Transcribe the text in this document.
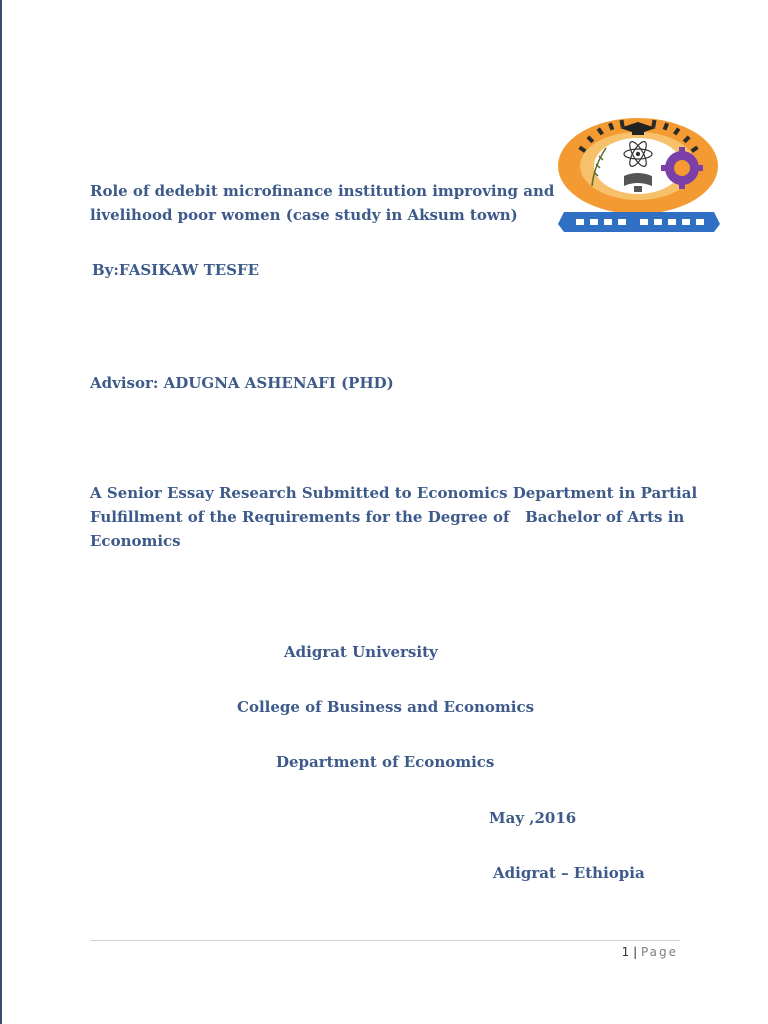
Role of dedebit microfinance institution improving and

livelihood poor women (case study in Aksum town)

By:FASIKAW TESFE

Advisor: ADUGNA ASHENAFI (PHD)

A Senior Essay Research Submitted to Economics Department in Partial

Fulfillment of the Requirements for the Degree of   Bachelor of Arts in

Economics

Adigrat University

College of Business and Economics

Department of Economics

May ,2016

Adigrat – Ethiopia

1 | Page
